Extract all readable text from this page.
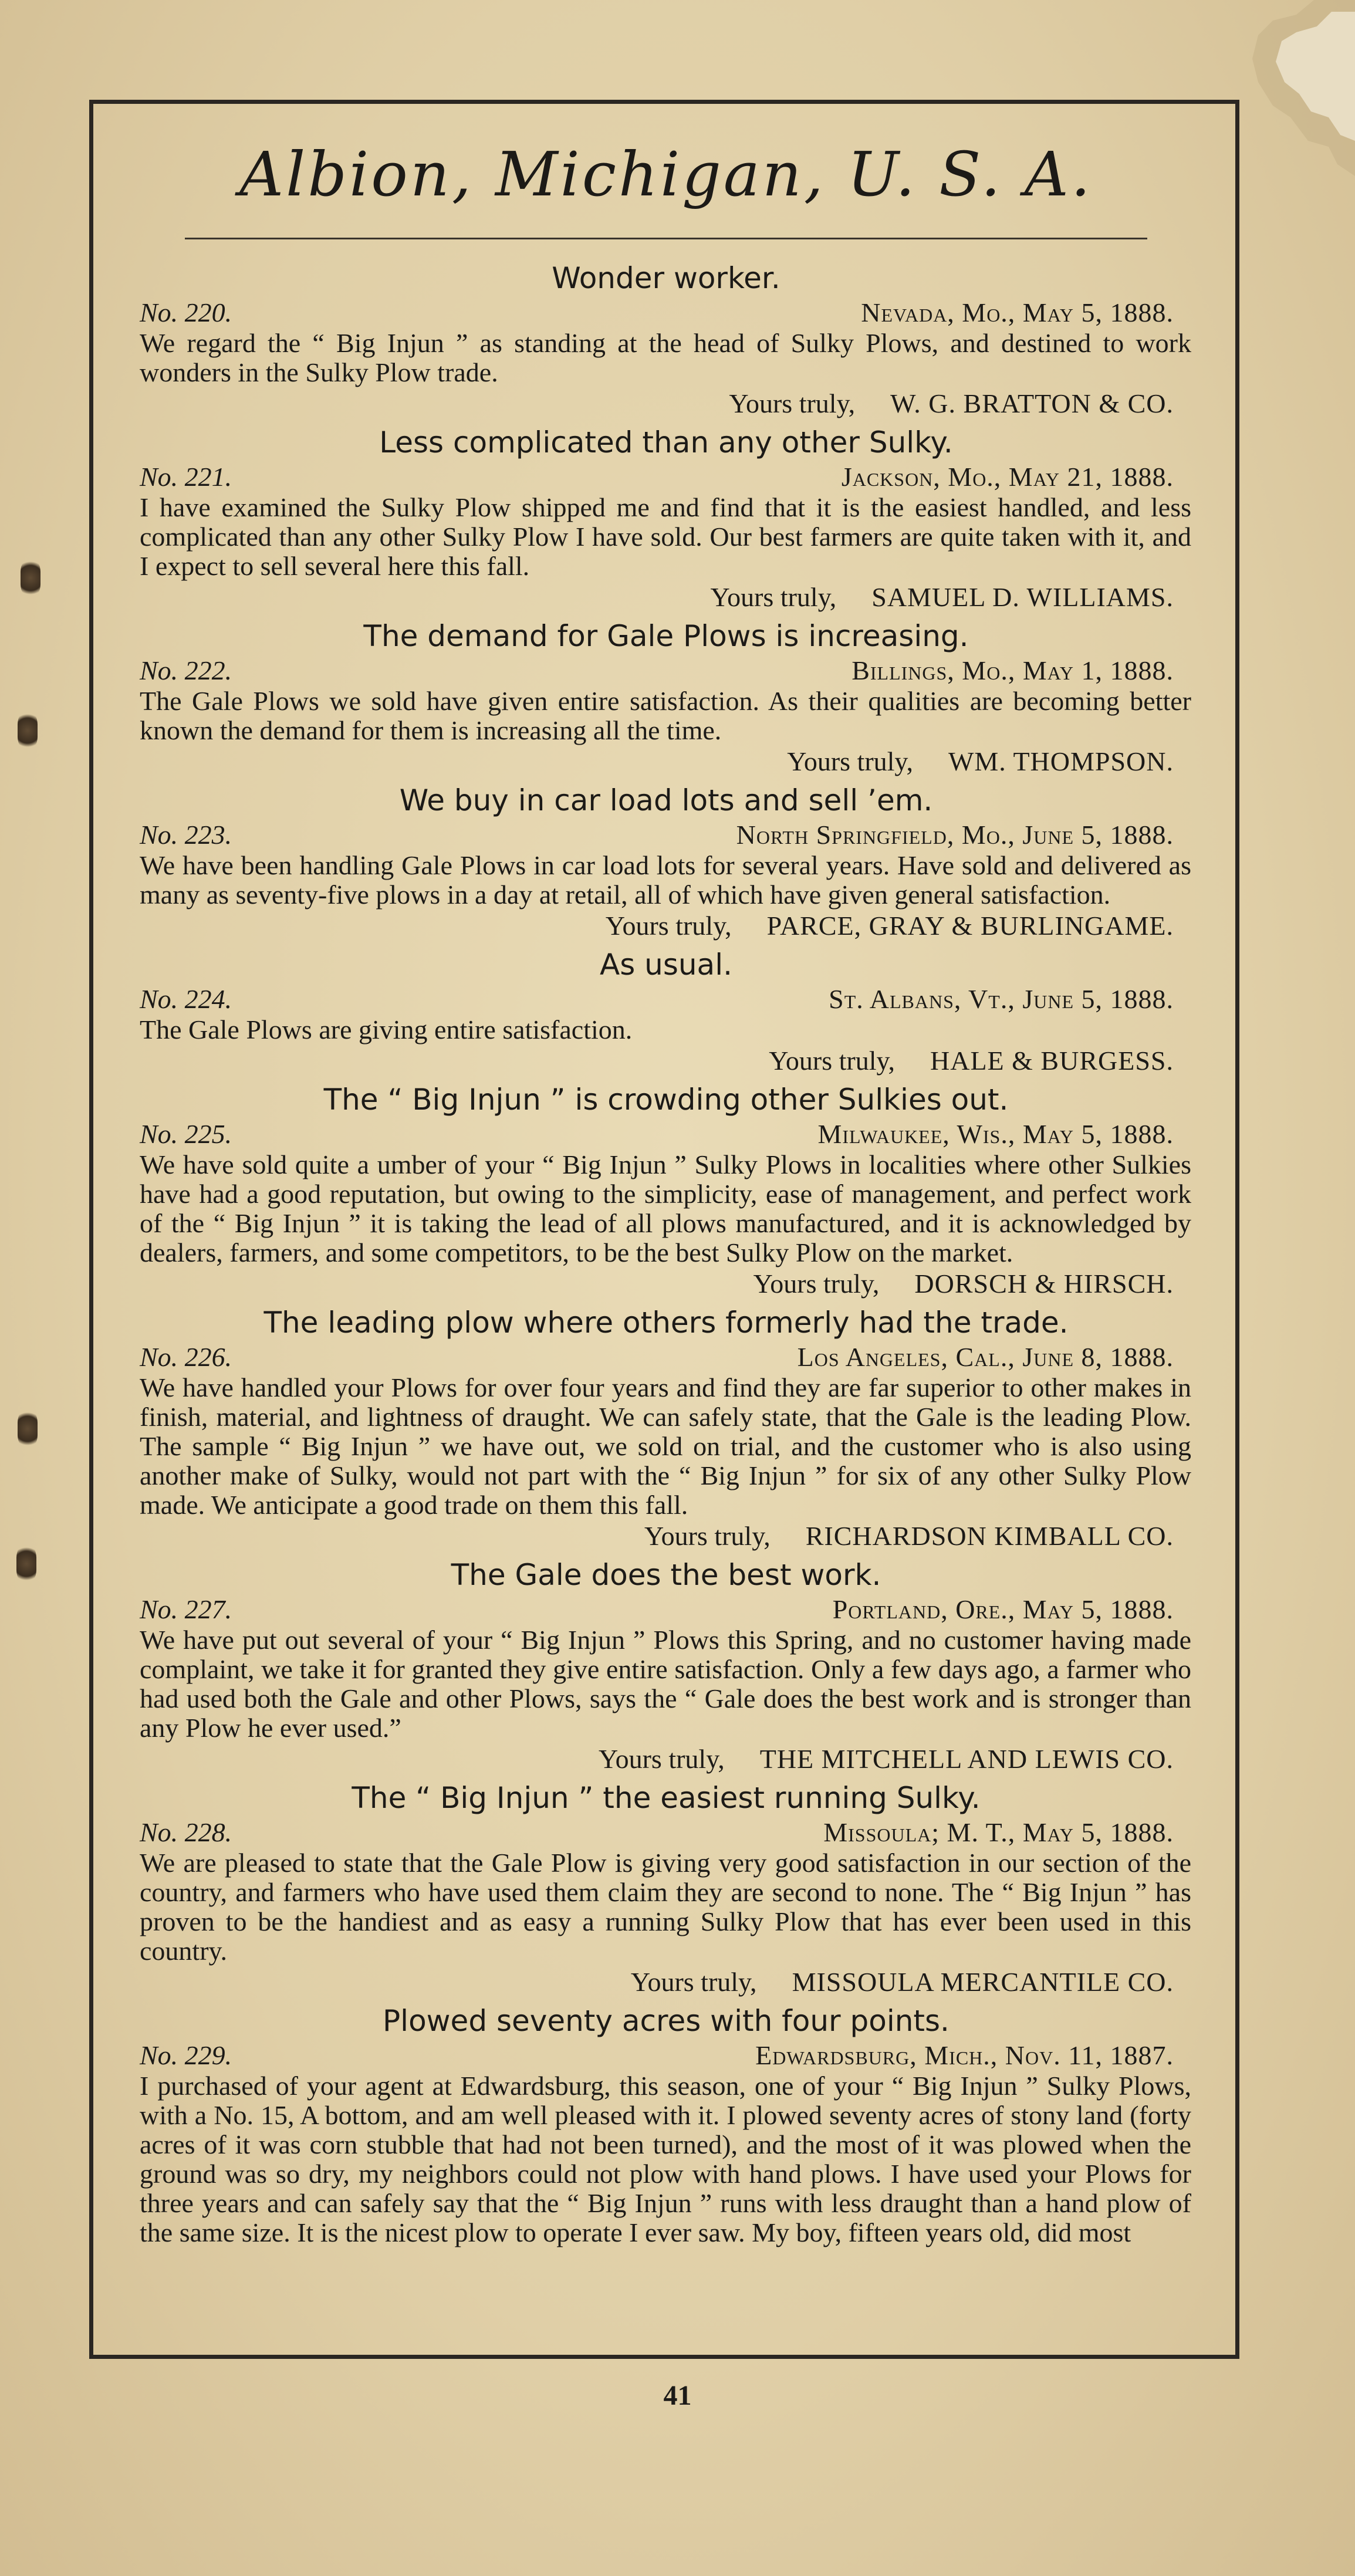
Albion, Michigan, U. S. A.
Wonder worker.
No. 220.	Nevada, Mo., May 5, 1888.
We regard the “ Big Injun ” as standing at the head of Sulky Plows, and destined to work wonders in the Sulky Plow trade.
Yours truly, W. G. BRATTON & CO.
Less complicated than any other Sulky.
No. 221.	Jackson, Mo., May 21, 1888.
I have examined the Sulky Plow shipped me and find that it is the easiest handled, and less complicated than any other Sulky Plow I have sold. Our best farmers are quite taken with it, and I expect to sell several here this fall.
Yours truly, SAMUEL D. WILLIAMS.
The demand for Gale Plows is increasing.
No. 222.	Billings, Mo., May 1, 1888.
The Gale Plows we sold have given entire satisfaction. As their qualities are becoming better known the demand for them is increasing all the time.
Yours truly, WM. THOMPSON.
We buy in car load lots and sell ’em.
No. 223.	North Springfield, Mo., June 5, 1888.
We have been handling Gale Plows in car load lots for several years. Have sold and delivered as many as seventy-five plows in a day at retail, all of which have given general satisfaction.
Yours truly, PARCE, GRAY & BURLINGAME.
As usual.
No. 224.	St. Albans, Vt., June 5, 1888.
The Gale Plows are giving entire satisfaction.
Yours truly, HALE & BURGESS.
The “ Big Injun ” is crowding other Sulkies out.
No. 225.	Milwaukee, Wis., May 5, 1888.
We have sold quite a umber of your “ Big Injun ” Sulky Plows in localities where other Sulkies have had a good reputation, but owing to the simplicity, ease of management, and perfect work of the “ Big Injun ” it is taking the lead of all plows manufactured, and it is acknowledged by dealers, farmers, and some competitors, to be the best Sulky Plow on the market.
Yours truly, DORSCH & HIRSCH.
The leading plow where others formerly had the trade.
No. 226.	Los Angeles, Cal., June 8, 1888.
We have handled your Plows for over four years and find they are far superior to other makes in finish, material, and lightness of draught. We can safely state, that the Gale is the leading Plow. The sample “ Big Injun ” we have out, we sold on trial, and the customer who is also using another make of Sulky, would not part with the “ Big Injun ” for six of any other Sulky Plow made. We anticipate a good trade on them this fall.
Yours truly, RICHARDSON KIMBALL CO.
The Gale does the best work.
No. 227.	Portland, Ore., May 5, 1888.
We have put out several of your “ Big Injun ” Plows this Spring, and no customer having made complaint, we take it for granted they give entire satisfaction. Only a few days ago, a farmer who had used both the Gale and other Plows, says the “ Gale does the best work and is stronger than any Plow he ever used.”
Yours truly, THE MITCHELL AND LEWIS CO.
The “ Big Injun ” the easiest running Sulky.
No. 228.	Missoula; M. T., May 5, 1888.
We are pleased to state that the Gale Plow is giving very good satisfaction in our section of the country, and farmers who have used them claim they are second to none. The “ Big Injun ” has proven to be the handiest and as easy a running Sulky Plow that has ever been used in this country.
Yours truly, MISSOULA MERCANTILE CO.
Plowed seventy acres with four points.
No. 229.	Edwardsburg, Mich., Nov. 11, 1887.
I purchased of your agent at Edwardsburg, this season, one of your “ Big Injun ” Sulky Plows, with a No. 15, A bottom, and am well pleased with it. I plowed seventy acres of stony land (forty acres of it was corn stubble that had not been turned), and the most of it was plowed when the ground was so dry, my neighbors could not plow with hand plows. I have used your Plows for three years and can safely say that the “ Big Injun ” runs with less draught than a hand plow of the same size. It is the nicest plow to operate I ever saw. My boy, fifteen years old, did most
41
